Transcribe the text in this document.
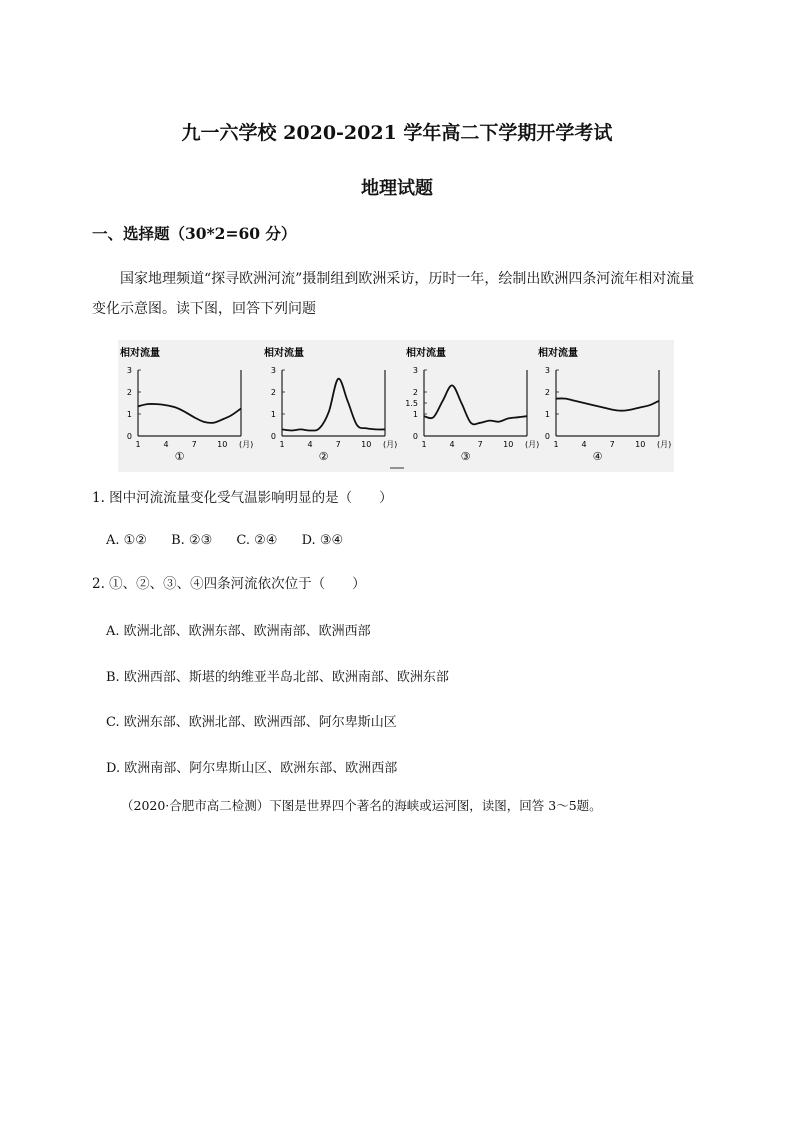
九一六学校 2020-2021 学年高二下学期开学考试
地理试题
一、选择题（30*2=60 分）
国家地理频道“探寻欧洲河流”摄制组到欧洲采访，历时一年，绘制出欧洲四条河流年相对流量变化示意图。读下图，回答下列问题
相对流量
0
1
2
3
1	4	7	10 (月)
①
相对流量
0
1
2
3
1	4	7	10 (月)
②
相对流量
0
1
1.5
2
3
1	4	7	10 (月)
③
相对流量
0
1
2
3
1	4	7	10 (月)
④
1. 图中河流流量变化受气温影响明显的是（　　）
A. ①② B. ②③ C. ②④ D. ③④
2. ①、②、③、④四条河流依次位于（　　）
A. 欧洲北部、欧洲东部、欧洲南部、欧洲西部
B. 欧洲西部、斯堪的纳维亚半岛北部、欧洲南部、欧洲东部
C. 欧洲东部、欧洲北部、欧洲西部、阿尔卑斯山区
D. 欧洲南部、阿尔卑斯山区、欧洲东部、欧洲西部
（2020·合肥市高二检测）下图是世界四个著名的海峡或运河图，读图，回答 3～5题。
